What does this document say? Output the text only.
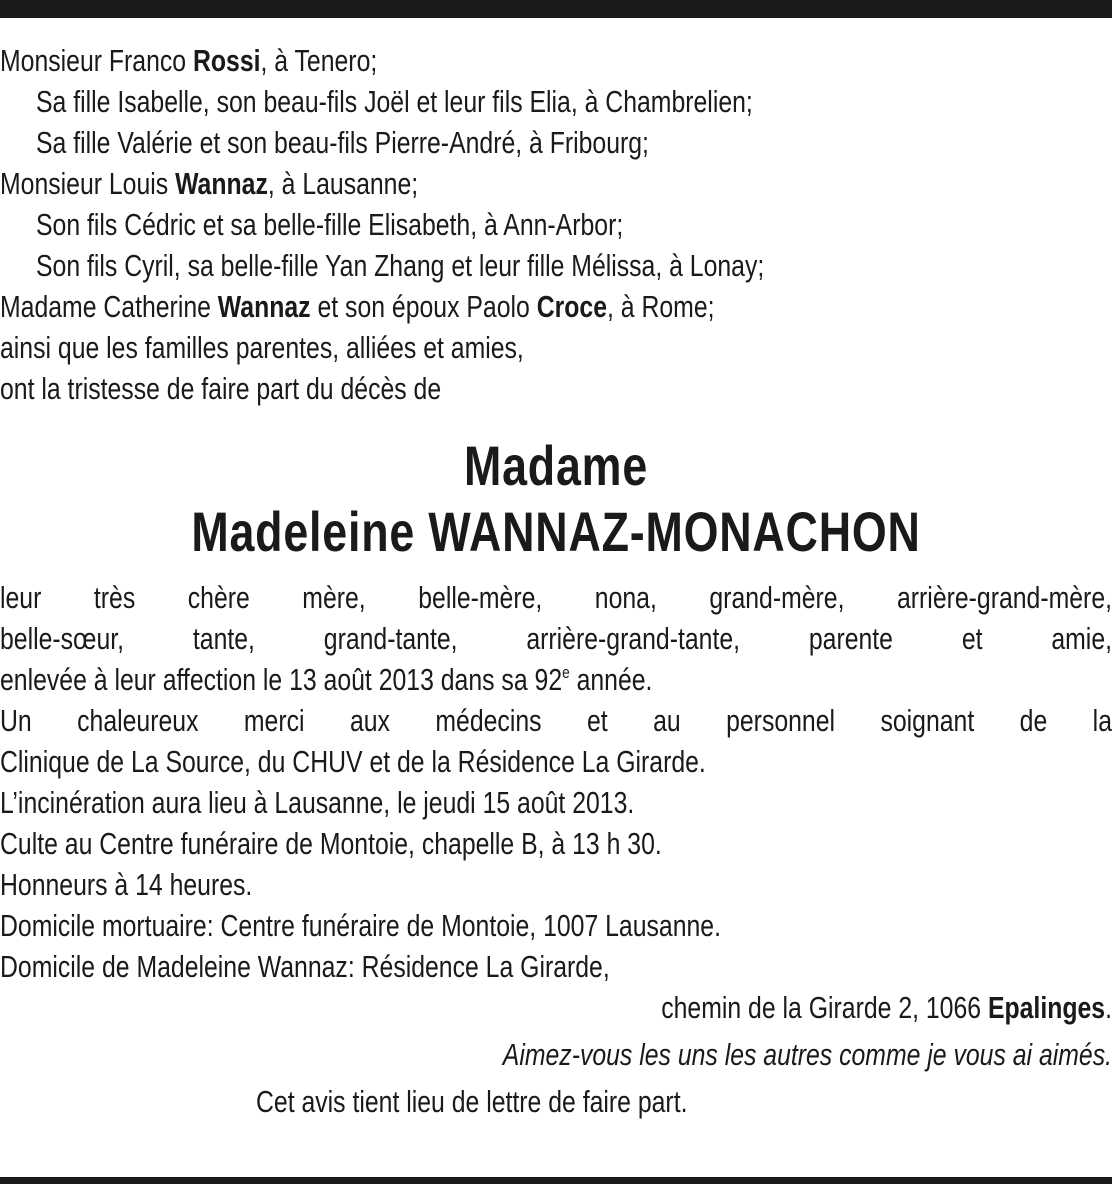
Monsieur Franco Rossi, à Tenero;
Sa fille Isabelle, son beau-fils Joël et leur fils Elia, à Chambrelien;
Sa fille Valérie et son beau-fils Pierre-André, à Fribourg;
Monsieur Louis Wannaz, à Lausanne;
Son fils Cédric et sa belle-fille Elisabeth, à Ann-Arbor;
Son fils Cyril, sa belle-fille Yan Zhang et leur fille Mélissa, à Lonay;
Madame Catherine Wannaz et son époux Paolo Croce, à Rome;
ainsi que les familles parentes, alliées et amies,
ont la tristesse de faire part du décès de
Madame
Madeleine WANNAZ-MONACHON
leur très chère mère, belle-mère, nona, grand-mère, arrière-grand-mère,
belle-sœur, tante, grand-tante, arrière-grand-tante, parente et amie,
enlevée à leur affection le 13 août 2013 dans sa 92e année.
Un chaleureux merci aux médecins et au personnel soignant de la
Clinique de La Source, du CHUV et de la Résidence La Girarde.
L’incinération aura lieu à Lausanne, le jeudi 15 août 2013.
Culte au Centre funéraire de Montoie, chapelle B, à 13 h 30.
Honneurs à 14 heures.
Domicile mortuaire: Centre funéraire de Montoie, 1007 Lausanne.
Domicile de Madeleine Wannaz: Résidence La Girarde,
chemin de la Girarde 2, 1066 Epalinges.
Aimez-vous les uns les autres comme je vous ai aimés.
Cet avis tient lieu de lettre de faire part.
